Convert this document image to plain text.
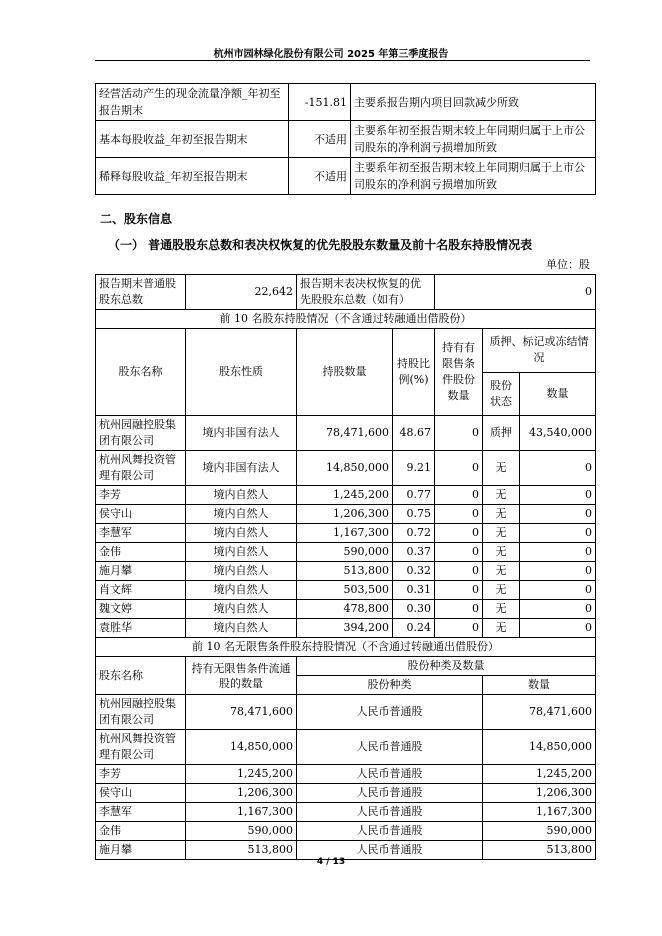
杭州市园林绿化股份有限公司 2025 年第三季度报告
经营活动产生的现金流量净额_年初至报告期末	-151.81	主要系报告期内项目回款减少所致
基本每股收益_年初至报告期末	不适用	主要系年初至报告期末较上年同期归属于上市公司股东的净利润亏损增加所致
稀释每股收益_年初至报告期末	不适用	主要系年初至报告期末较上年同期归属于上市公司股东的净利润亏损增加所致
二、股东信息
（一） 普通股股东总数和表决权恢复的优先股股东数量及前十名股东持股情况表
单位：股
报告期末普通股股东总数	22,642	报告期末表决权恢复的优先股股东总数（如有）		0		
前 10 名股东持股情况（不含通过转融通出借股份）						
股东名称	股东性质	持股数量	持股比例(%)	持有有限售条件股份数量	质押、标记或冻结情况	
					股份状态	数量
杭州园融控股集团有限公司	境内非国有法人	78,471,600	48.67	0	质押	43,540,000
杭州风舞投资管理有限公司	境内非国有法人	14,850,000	9.21	0	无	0
李芳	境内自然人	1,245,200	0.77	0	无	0
侯守山	境内自然人	1,206,300	0.75	0	无	0
李慧军	境内自然人	1,167,300	0.72	0	无	0
金伟	境内自然人	590,000	0.37	0	无	0
施月攀	境内自然人	513,800	0.32	0	无	0
肖文辉	境内自然人	503,500	0.31	0	无	0
魏文婷	境内自然人	478,800	0.30	0	无	0
袁胜华	境内自然人	394,200	0.24	0	无	0
前 10 名无限售条件股东持股情况（不含通过转融通出借股份）						
股东名称	持有无限售条件流通股的数量	股份种类及数量				
		股份种类			数量	
杭州园融控股集团有限公司	78,471,600	人民币普通股			78,471,600	
杭州风舞投资管理有限公司	14,850,000	人民币普通股			14,850,000	
李芳	1,245,200	人民币普通股			1,245,200	
侯守山	1,206,300	人民币普通股			1,206,300	
李慧军	1,167,300	人民币普通股			1,167,300	
金伟	590,000	人民币普通股			590,000	
施月攀	513,800	人民币普通股			513,800	
4 / 13
